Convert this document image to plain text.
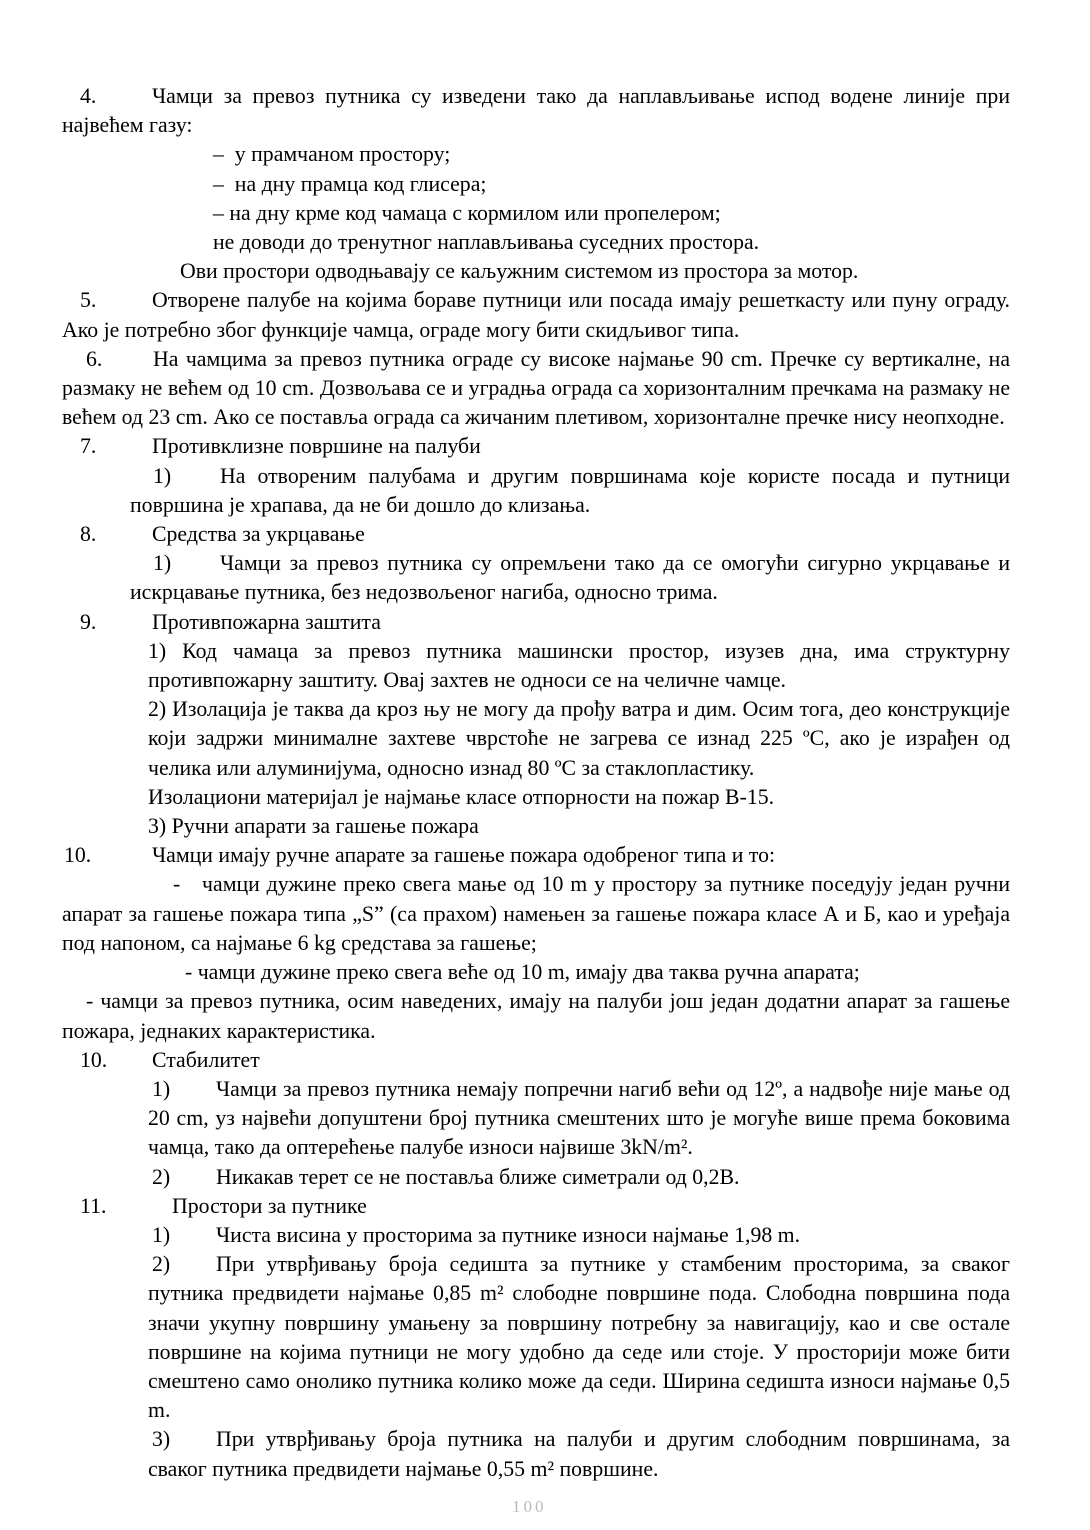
4.	Чамци за превоз путника су изведени тако да наплављивање испод водене линије при највећем газу:

– у прамчаном простору;

– на дну прамца код глисера;

– на дну крме код чамаца с кормилом или пропелером;

не доводи до тренутног наплављивања суседних простора.

Ови простори одводњавају се каљужним системом из простора за мотор.

5.	Отворене палубе на којима бораве путници или посада имају решеткасту или пуну ограду. Ако је потребно због функције чамца, ограде могу бити скидљивог типа.

6. На чамцима за превоз путника ограде су високе најмање 90 cm. Пречке су вертикалне, на размаку не већем од 10 cm. Дозвољава се и уградња ограда са хоризонталним пречкама на размаку не већем од 23 cm. Ако се поставља ограда са жичаним плетивом, хоризонталне пречке нису неопходне.

7.	Противклизне површине на палуби

1) На отвореним палубама и другим површинама које користе посада и путници површина је храпава, да не би дошло до клизања.

8.	Средства за укрцавање

1) Чамци за превоз путника су опремљени тако да се омогући сигурно укрцавање и искрцавање путника, без недозвољеног нагиба, односно трима.

9.	Противпожарна заштита

1) Код чамаца за превоз путника машински простор, изузев дна, има структурну противпожарну заштиту. Овај захтев не односи се на челичне чамце.

2) Изолација је таква да кроз њу не могу да прођу ватра и дим. Осим тога, део конструкције који задржи минималне захтеве чврстоће не загрева се изнад 225 ºC, ако је израђен од челика или алуминијума, односно изнад 80 ºC за стаклопластику.

Изолациони материјал је најмање класе отпорности на пожар B-15.

3) Ручни апарати за гашење пожара

10.	Чамци имају ручне апарате за гашење пожара одобреног типа и то:

-  чамци дужине преко свега мање од 10 m у простору за путнике поседују један ручни апарат за гашење пожара типа „S” (са прахом) намењен за гашење пожара класе А и Б, као и уређаја под напоном, са најмање 6 kg средстава за гашење;

- чамци дужине преко свега веће од 10 m, имају два таква ручна апарата;

- чамци за превоз путника, осим наведених, имају на палуби још један додатни апарат за гашење пожара, једнаких карактеристика.

10. Стабилитет

1) Чамци за превоз путника немају попречни нагиб већи од 12º, а надвође није мање од 20 cm, уз највећи допуштени број путника смештених што је могуће више према боковима чамца, тако да оптерећење палубе износи највише 3kN/m².

2) Никакав терет се не поставља ближе симетрали од 0,2B.

11.	Простори за путнике

1) Чиста висина у просторима за путнике износи најмање 1,98 m.

2) При утврђивању броја седишта за путнике у стамбеним просторима, за сваког путника предвидети најмање 0,85 m² слободне површине пода. Слободна површина пода значи укупну површину умањену за површину потребну за навигацију, као и све остале површине на којима путници не могу удобно да седе или стоје. У просторији може бити смештено само онолико путника колико може да седи. Ширина седишта износи најмање 0,5 m.

3) При утврђивању броја путника на палуби и другим слободним површинама, за сваког путника предвидети најмање 0,55 m² површине.

100
